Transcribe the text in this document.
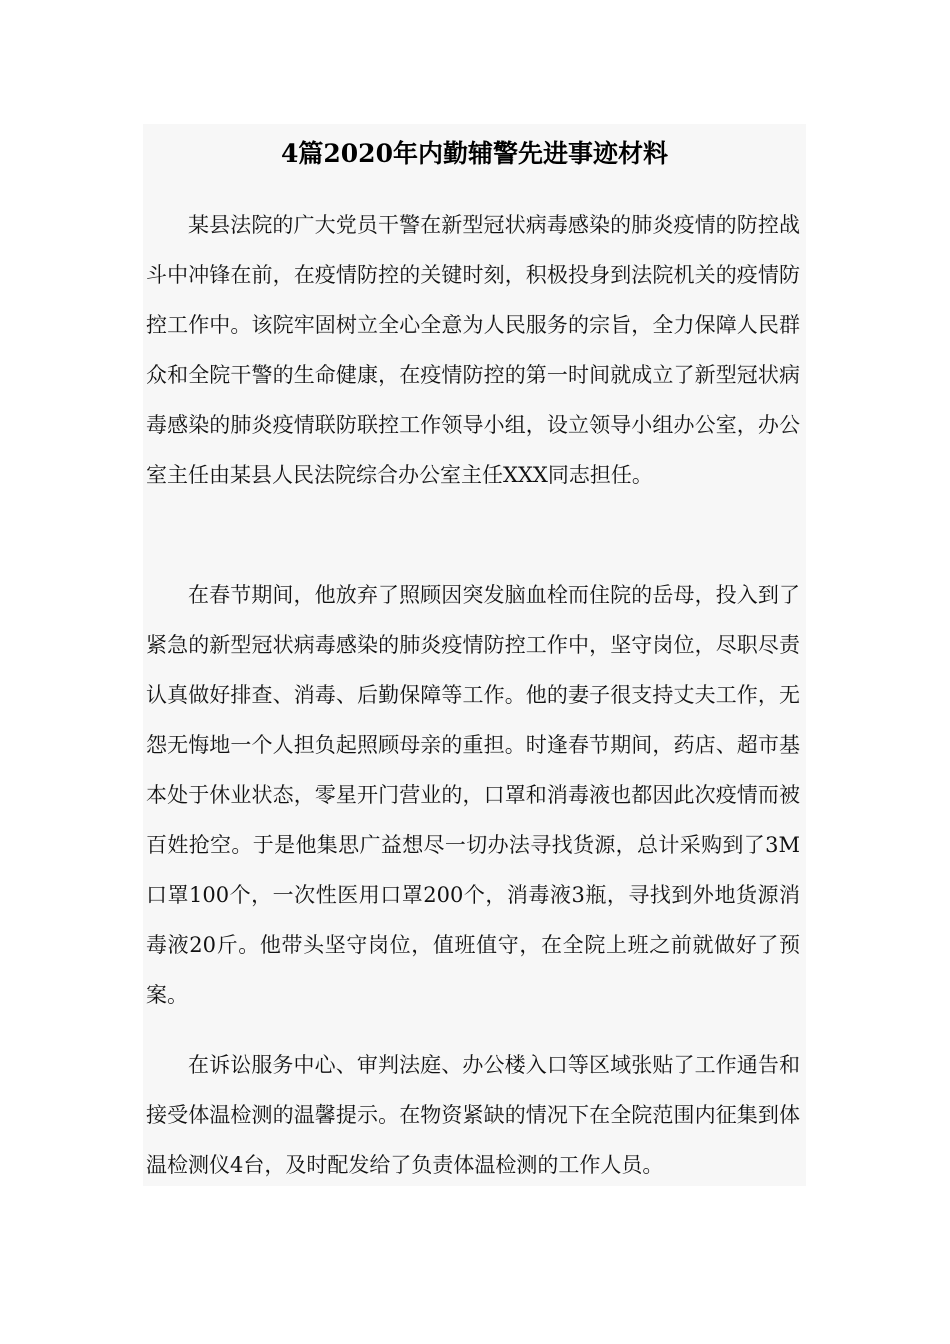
4篇2020年内勤辅警先进事迹材料

某县法院的广大党员干警在新型冠状病毒感染的肺炎疫情的防控战斗中冲锋在前，在疫情防控的关键时刻，积极投身到法院机关的疫情防控工作中。该院牢固树立全心全意为人民服务的宗旨，全力保障人民群众和全院干警的生命健康，在疫情防控的第一时间就成立了新型冠状病毒感染的肺炎疫情联防联控工作领导小组，设立领导小组办公室，办公室主任由某县人民法院综合办公室主任XXX同志担任。

在春节期间，他放弃了照顾因突发脑血栓而住院的岳母，投入到了紧急的新型冠状病毒感染的肺炎疫情防控工作中，坚守岗位，尽职尽责认真做好排查、消毒、后勤保障等工作。他的妻子很支持丈夫工作，无怨无悔地一个人担负起照顾母亲的重担。时逢春节期间，药店、超市基本处于休业状态，零星开门营业的，口罩和消毒液也都因此次疫情而被百姓抢空。于是他集思广益想尽一切办法寻找货源，总计采购到了3M口罩100个，一次性医用口罩200个，消毒液3瓶，寻找到外地货源消毒液20斤。他带头坚守岗位，值班值守，在全院上班之前就做好了预案。

在诉讼服务中心、审判法庭、办公楼入口等区域张贴了工作通告和接受体温检测的温馨提示。在物资紧缺的情况下在全院范围内征集到体温检测仪4台，及时配发给了负责体温检测的工作人员。
